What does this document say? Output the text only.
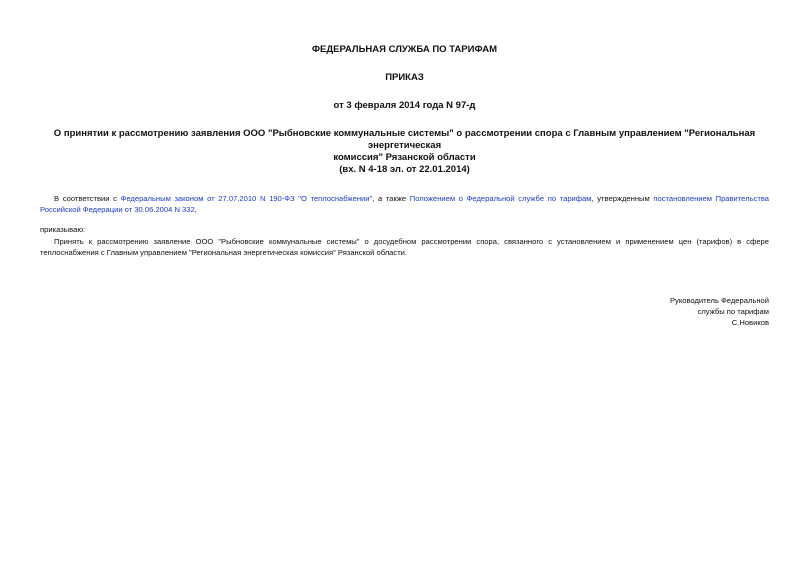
ФЕДЕРАЛЬНАЯ СЛУЖБА ПО ТАРИФАМ
ПРИКАЗ
от 3 февраля 2014 года N 97-д
О принятии к рассмотрению заявления ООО "Рыбновские коммунальные системы" о рассмотрении спора с Главным управлением "Региональная энергетическая
комиссия" Рязанской области
(вх. N 4-18 эл. от 22.01.2014)
В соответствии с Федеральным законом от 27.07.2010 N 190-ФЗ "О теплоснабжении", а также Положением о Федеральной службе по тарифам, утвержденным постановлением Правительства Российской Федерации от 30.06.2004 N 332,
приказываю:
Принять к рассмотрению заявление ООО "Рыбновские коммунальные системы" о досудебном рассмотрении спора, связанного с установлением и применением цен (тарифов) в сфере теплоснабжения с Главным управлением "Региональная энергетическая комиссия" Рязанской области.
Руководитель Федеральной
службы по тарифам
С.Новиков
